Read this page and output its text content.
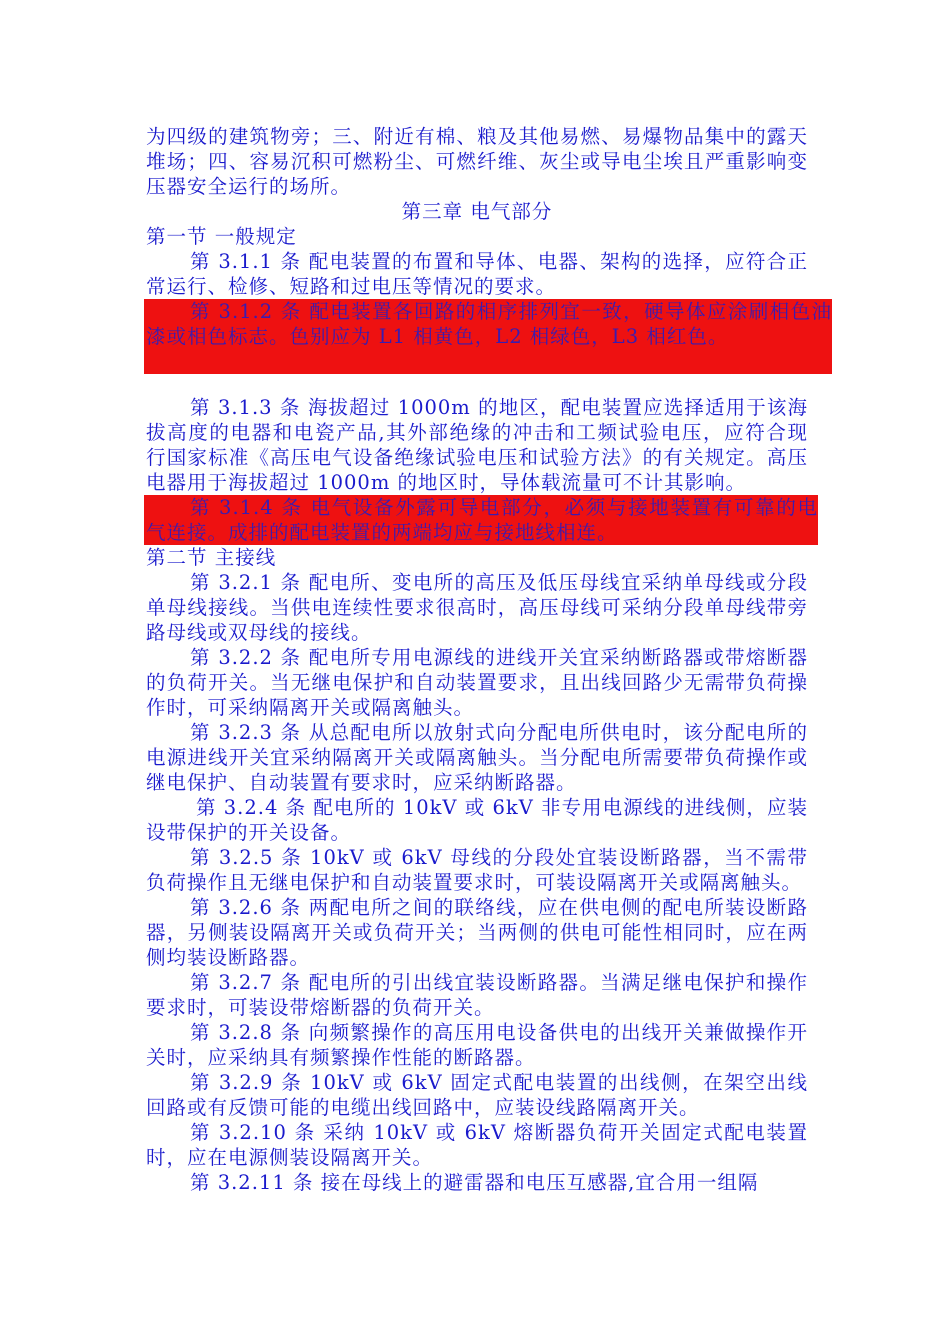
为四级的建筑物旁；三、附近有棉、粮及其他易燃、易爆物品集中的露天堆场；四、容易沉积可燃粉尘、可燃纤维、灰尘或导电尘埃且严重影响变压器安全运行的场所。

第三章 电气部分

第一节 一般规定

第 3.1.1 条 配电装置的布置和导体、电器、架构的选择，应符合正常运行、检修、短路和过电压等情况的要求。

第 3.1.2 条 配电装置各回路的相序排列宜一致，硬导体应涂刷相色油漆或相色标志。色别应为 L1 相黄色，L2 相绿色，L3 相红色。

第 3.1.3 条 海拔超过 1000m 的地区，配电装置应选择适用于该海拔高度的电器和电瓷产品,其外部绝缘的冲击和工频试验电压，应符合现行国家标准《高压电气设备绝缘试验电压和试验方法》的有关规定。高压电器用于海拔超过 1000m 的地区时，导体载流量可不计其影响。

第 3.1.4 条 电气设备外露可导电部分，必须与接地装置有可靠的电气连接。成排的配电装置的两端均应与接地线相连。

第二节 主接线

第 3.2.1 条 配电所、变电所的高压及低压母线宜采纳单母线或分段单母线接线。当供电连续性要求很高时，高压母线可采纳分段单母线带旁路母线或双母线的接线。

第 3.2.2 条 配电所专用电源线的进线开关宜采纳断路器或带熔断器的负荷开关。当无继电保护和自动装置要求，且出线回路少无需带负荷操作时，可采纳隔离开关或隔离触头。

第 3.2.3 条 从总配电所以放射式向分配电所供电时，该分配电所的电源进线开关宜采纳隔离开关或隔离触头。当分配电所需要带负荷操作或继电保护、自动装置有要求时，应采纳断路器。

第 3.2.4 条 配电所的 10kV 或 6kV 非专用电源线的进线侧，应装设带保护的开关设备。

第 3.2.5 条 10kV 或 6kV 母线的分段处宜装设断路器，当不需带负荷操作且无继电保护和自动装置要求时，可装设隔离开关或隔离触头。

第 3.2.6 条 两配电所之间的联络线，应在供电侧的配电所装设断路器，另侧装设隔离开关或负荷开关；当两侧的供电可能性相同时，应在两侧均装设断路器。

第 3.2.7 条 配电所的引出线宜装设断路器。当满足继电保护和操作要求时，可装设带熔断器的负荷开关。

第 3.2.8 条 向频繁操作的高压用电设备供电的出线开关兼做操作开关时，应采纳具有频繁操作性能的断路器。

第 3.2.9 条 10kV 或 6kV 固定式配电装置的出线侧，在架空出线回路或有反馈可能的电缆出线回路中，应装设线路隔离开关。

第 3.2.10 条 采纳 10kV 或 6kV 熔断器负荷开关固定式配电装置时，应在电源侧装设隔离开关。

第 3.2.11 条 接在母线上的避雷器和电压互感器,宜合用一组隔
